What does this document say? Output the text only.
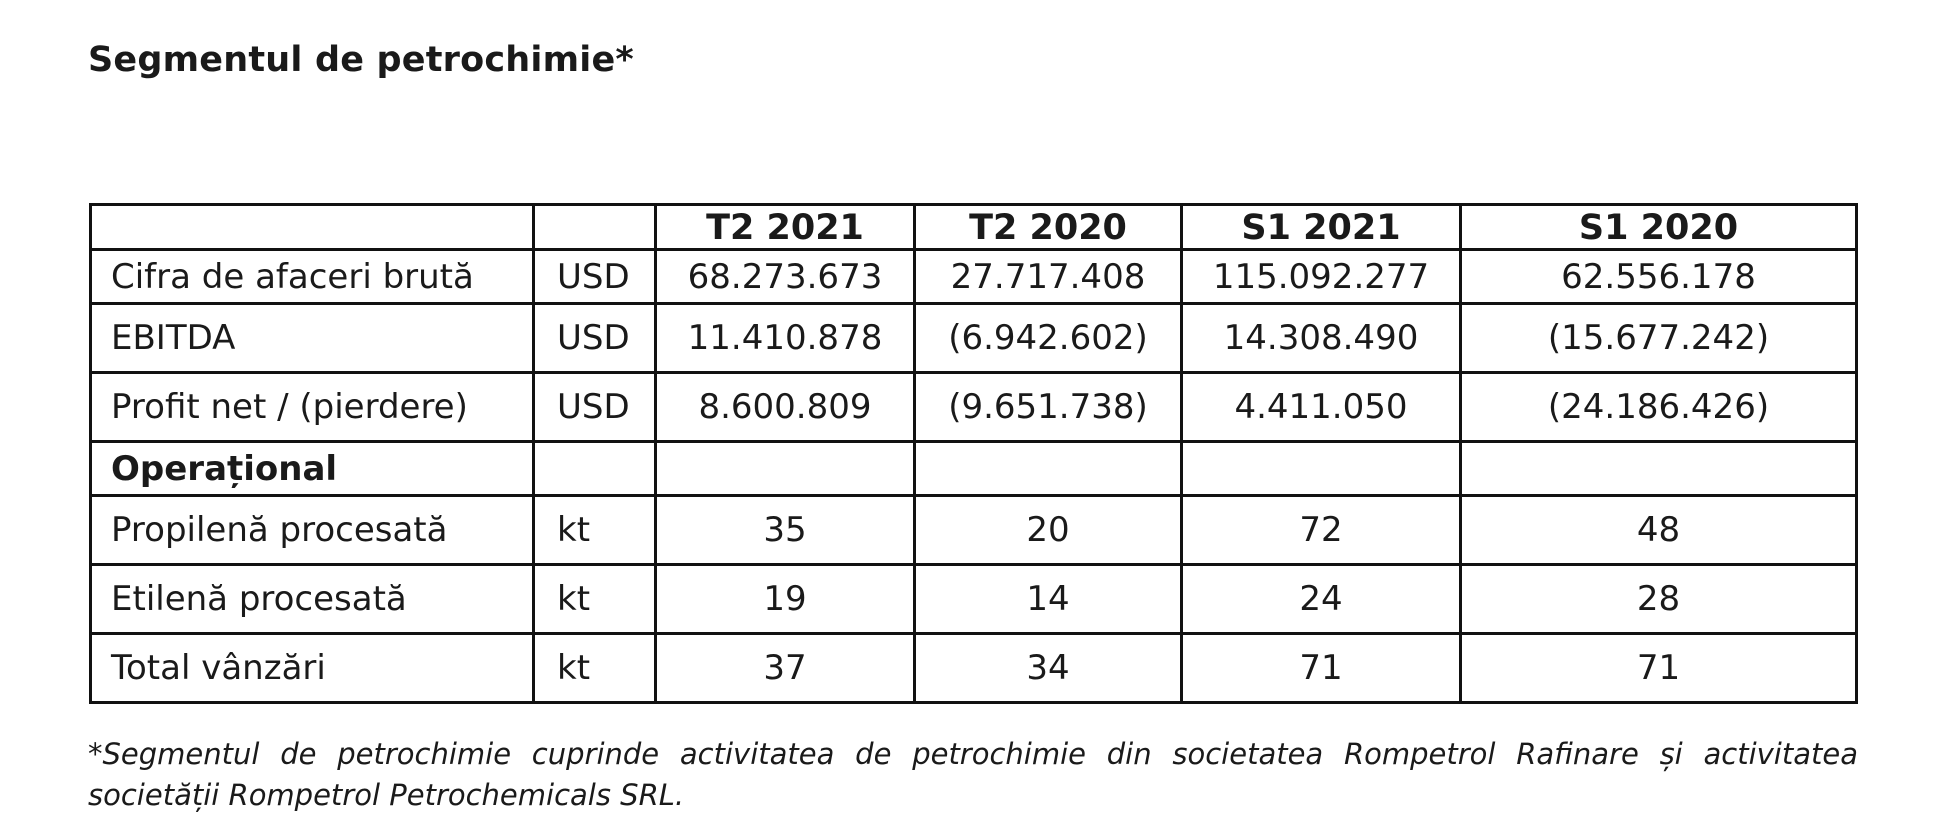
Segmentul de petrochimie*
		T2 2021	T2 2020	S1 2021	S1 2020
Cifra de afaceri brută	USD	68.273.673	27.717.408	115.092.277	62.556.178
EBITDA	USD	11.410.878	(6.942.602)	14.308.490	(15.677.242)
Profit net / (pierdere)	USD	8.600.809	(9.651.738)	4.411.050	(24.186.426)
Operațional					
Propilenă procesată	kt	35	20	72	48
Etilenă procesată	kt	19	14	24	28
Total vânzări	kt	37	34	71	71

*Segmentul de petrochimie cuprinde activitatea de petrochimie din societatea Rompetrol Rafinare și activitatea societății Rompetrol Petrochemicals SRL.
